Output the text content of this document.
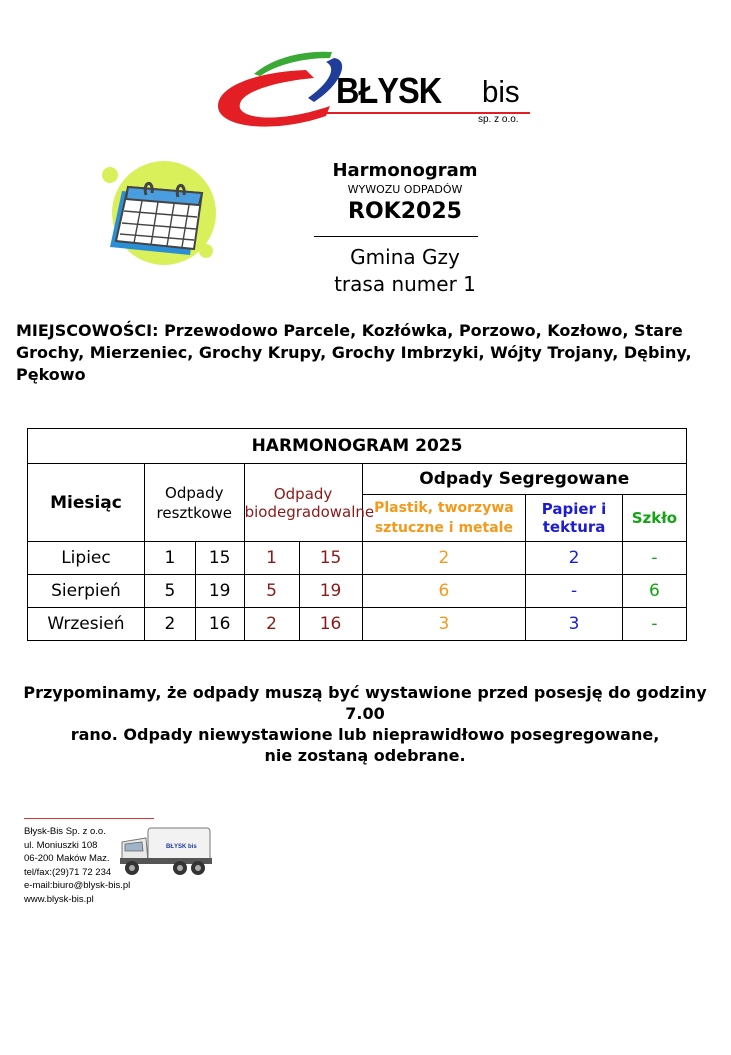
BŁYSK bis
sp. z o.o.
Harmonogram
WYWOZU ODPADÓW
ROK2025
Gmina Gzy
trasa numer 1
MIEJSCOWOŚCI: Przewodowo Parcele, Kozłówka, Porzowo, Kozłowo, Stare Grochy, Mierzeniec, Grochy Krupy, Grochy Imbrzyki, Wójty Trojany, Dębiny, Pękowo
HARMONOGRAM 2025							
Miesiąc	Odpady resztkowe		Odpady biodegradowalne		Odpady Segregowane		
					Plastik, tworzywa sztuczne i metale	Papier i tektura	Szkło
Lipiec	1	15	1	15	2	2	-
Sierpień	5	19	5	19	6	-	6
Wrzesień	2	16	2	16	3	3	-
Przypominamy, że odpady muszą być wystawione przed posesję do godziny 7.00
rano. Odpady niewystawione lub nieprawidłowo posegregowane,
nie zostaną odebrane.
Błysk-Bis Sp. z o.o.
ul. Moniuszki 108
06-200 Maków Maz.
tel/fax:(29)71 72 234
e-mail:biuro@blysk-bis.pl
www.blysk-bis.pl
BŁYSK bis
